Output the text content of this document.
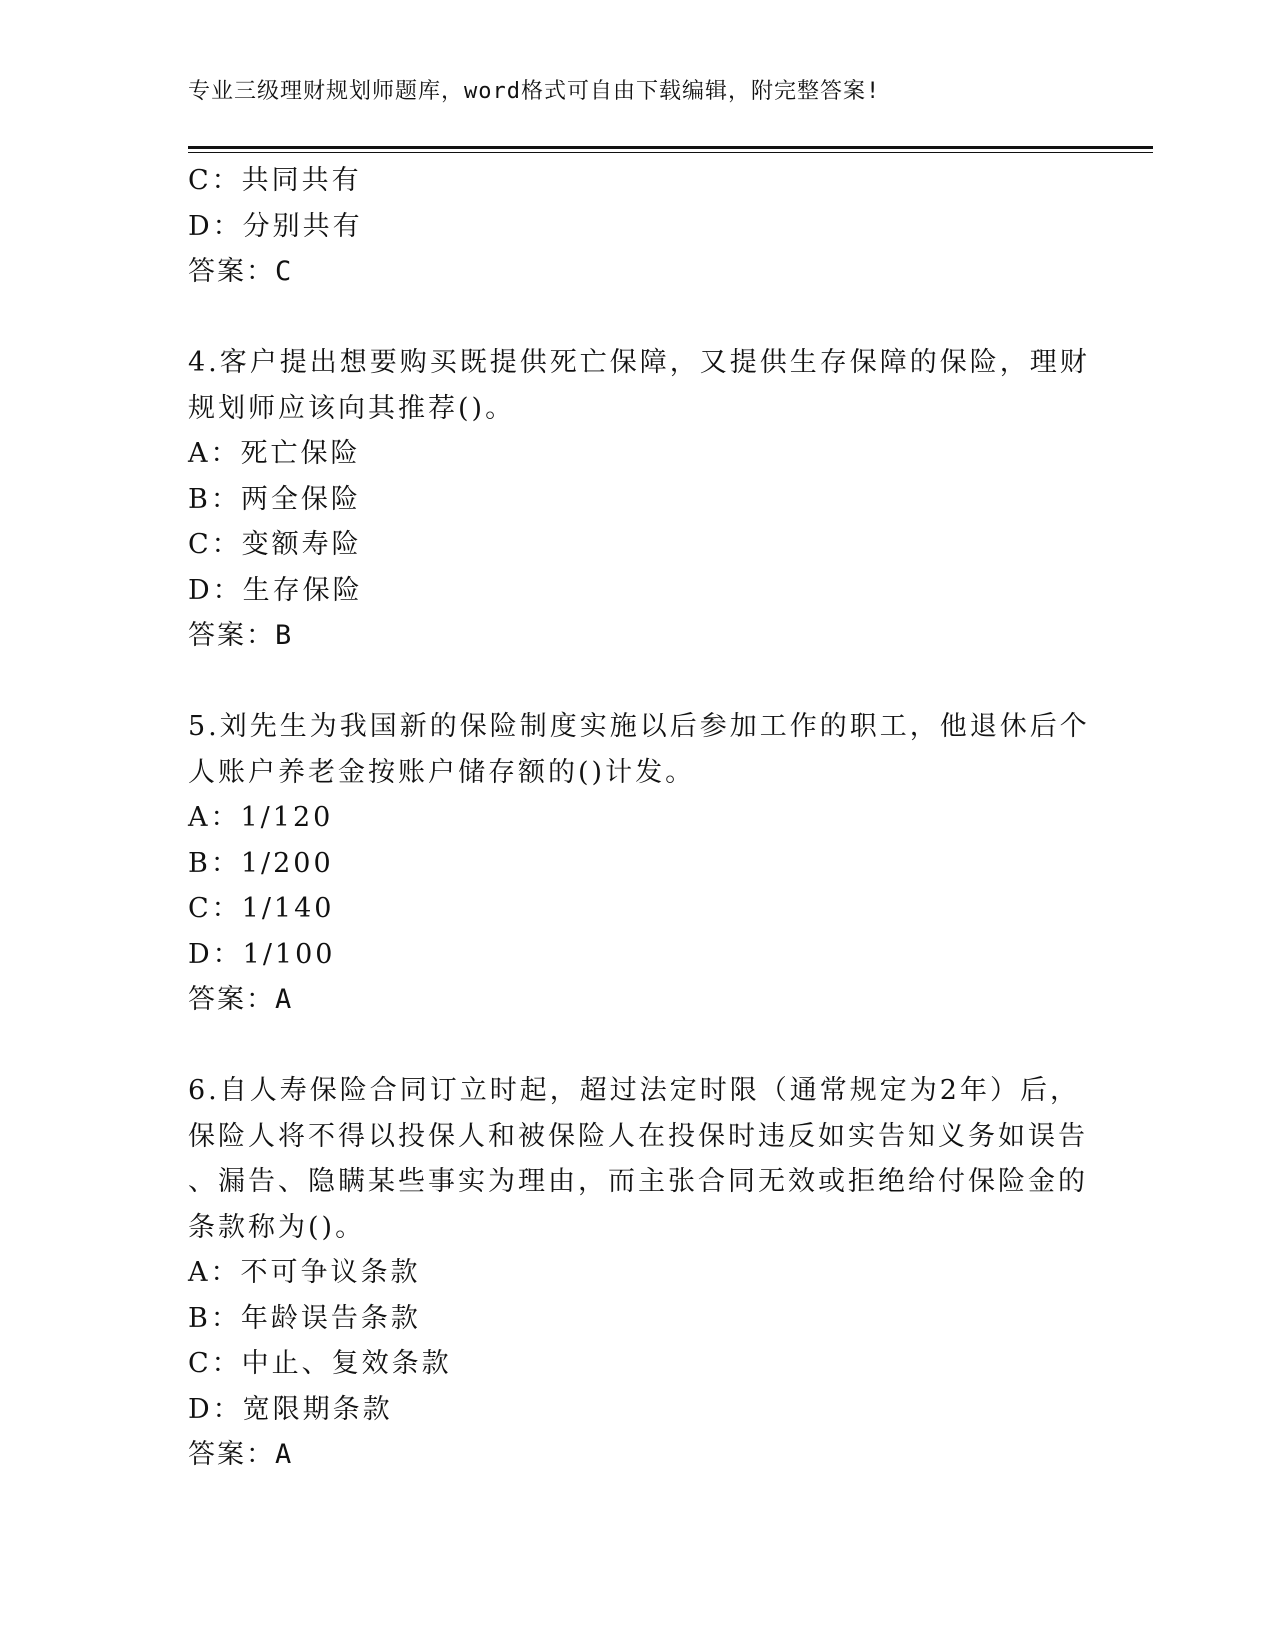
专业三级理财规划师题库，word格式可自由下载编辑，附完整答案!
C：共同共有
D：分别共有
答案：C
4.客户提出想要购买既提供死亡保障，又提供生存保障的保险，理财
规划师应该向其推荐()。
A：死亡保险
B：两全保险
C：变额寿险
D：生存保险
答案：B
5.刘先生为我国新的保险制度实施以后参加工作的职工，他退休后个
人账户养老金按账户储存额的()计发。
A：1/120
B：1/200
C：1/140
D：1/100
答案：A
6.自人寿保险合同订立时起，超过法定时限（通常规定为2年）后，
保险人将不得以投保人和被保险人在投保时违反如实告知义务如误告
、漏告、隐瞒某些事实为理由，而主张合同无效或拒绝给付保险金的
条款称为()。
A：不可争议条款
B：年龄误告条款
C：中止、复效条款
D：宽限期条款
答案：A
